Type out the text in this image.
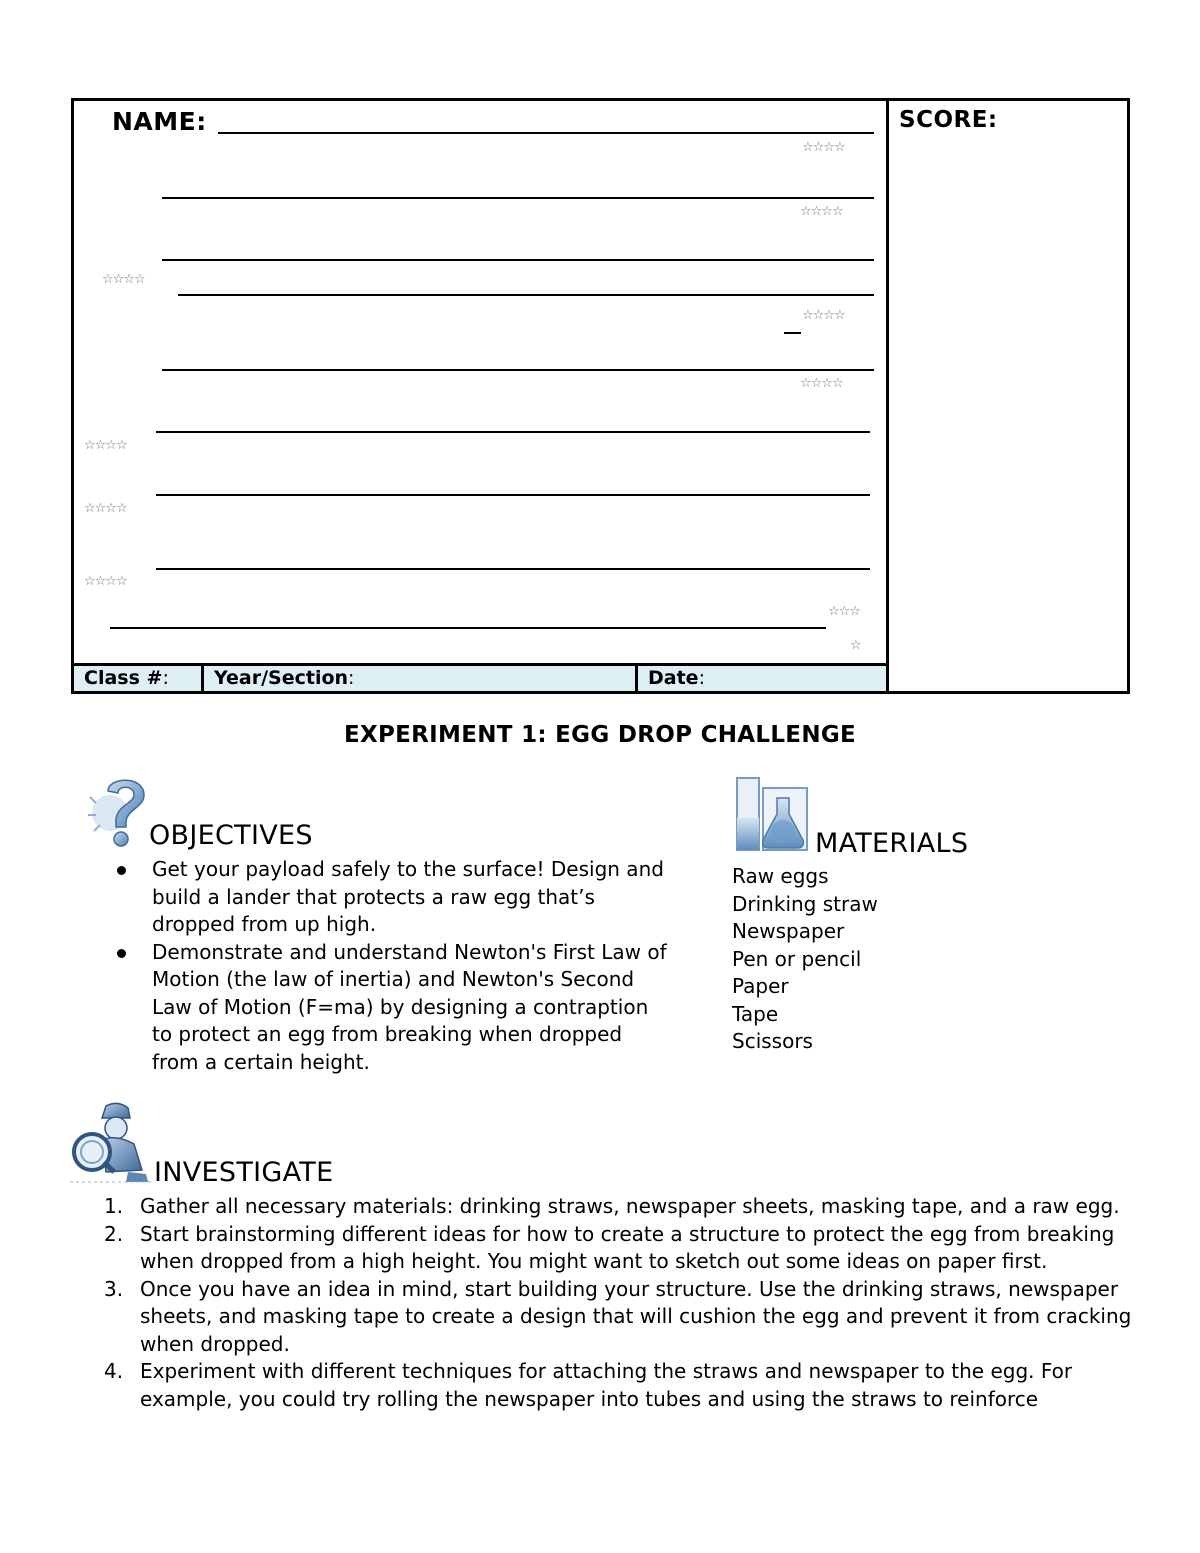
NAME:
☆☆☆☆
☆☆☆☆
☆☆☆☆
☆☆☆☆
☆☆☆☆
☆☆☆☆
☆☆☆☆
☆☆☆☆
☆☆☆
☆
SCORE:
Class #:	Year/Section:	Date:
EXPERIMENT 1: EGG DROP CHALLENGE
OBJECTIVES
Get your payload safely to the surface! Design and build a lander that protects a raw egg that’s dropped from up high.
Demonstrate and understand Newton's First Law of Motion (the law of inertia) and Newton's Second Law of Motion (F=ma) by designing a contraption to protect an egg from breaking when dropped from a certain height.
MATERIALS
Raw eggs
Drinking straw
Newspaper
Pen or pencil
Paper
Tape
Scissors
INVESTIGATE
1. Gather all necessary materials: drinking straws, newspaper sheets, masking tape, and a raw egg.
2. Start brainstorming different ideas for how to create a structure to protect the egg from breaking when dropped from a high height. You might want to sketch out some ideas on paper first.
3. Once you have an idea in mind, start building your structure. Use the drinking straws, newspaper sheets, and masking tape to create a design that will cushion the egg and prevent it from cracking when dropped.
4. Experiment with different techniques for attaching the straws and newspaper to the egg. For example, you could try rolling the newspaper into tubes and using the straws to reinforce
